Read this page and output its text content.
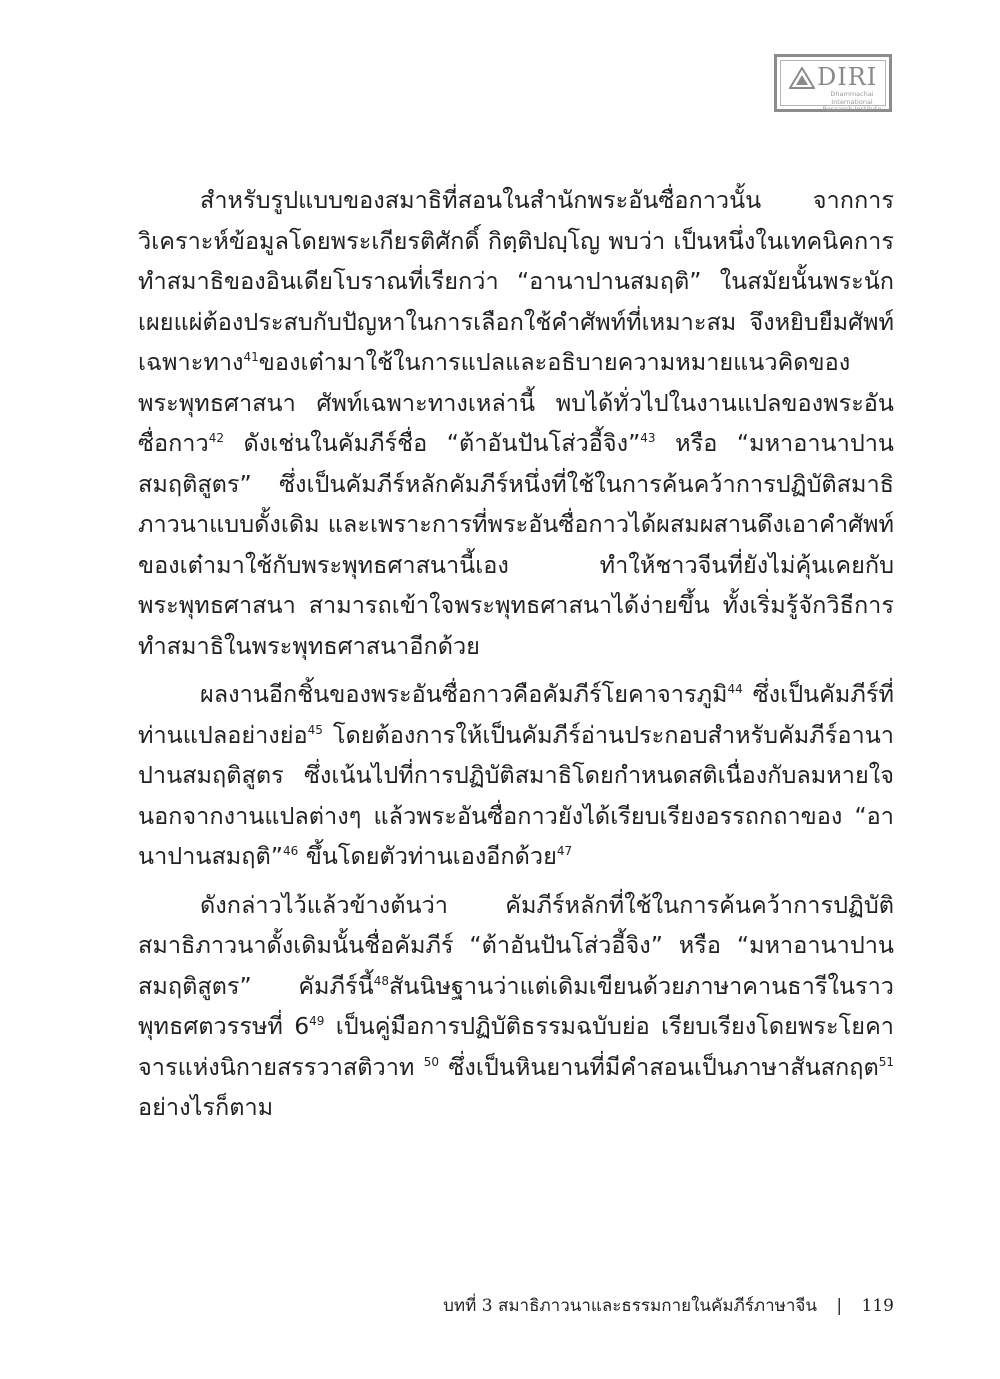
DIRI
Dhammachai International
Research Institute

สำหรับรูปแบบของสมาธิที่สอนในสำนักพระอันซื่อกาวนั้น จากการวิเคราะห์ข้อมูลโดยพระเกียรติศักดิ์ กิตฺติปญฺโญ พบว่า เป็นหนึ่งในเทคนิคการทำสมาธิของอินเดียโบราณที่เรียกว่า “อานาปานสมฤติ” ในสมัยนั้นพระนักเผยแผ่ต้องประสบกับปัญหาในการเลือกใช้คำศัพท์ที่เหมาะสม จึงหยิบยืมศัพท์เฉพาะทาง$^{41}$ของเต๋ามาใช้ในการแปลและอธิบายความหมายแนวคิดของพระพุทธศาสนา ศัพท์เฉพาะทางเหล่านี้ พบได้ทั่วไปในงานแปลของพระอันซื่อกาว$^{42}$ ดังเช่นในคัมภีร์ชื่อ “ต้าอันปันโส่วอี้จิง”$^{43}$ หรือ “มหาอานาปานสมฤติสูตร” ซึ่งเป็นคัมภีร์หลักคัมภีร์หนึ่งที่ใช้ในการค้นคว้าการปฏิบัติสมาธิภาวนาแบบดั้งเดิม และเพราะการที่พระอันซื่อกาวได้ผสมผสานดึงเอาคำศัพท์ของเต๋ามาใช้กับพระพุทธศาสนานี้เอง ทำให้ชาวจีนที่ยังไม่คุ้นเคยกับพระพุทธศาสนา สามารถเข้าใจพระพุทธศาสนาได้ง่ายขึ้น ทั้งเริ่มรู้จักวิธีการทำสมาธิในพระพุทธศาสนาอีกด้วย

ผลงานอีกชิ้นของพระอันซื่อกาวคือคัมภีร์โยคาจารภูมิ$^{44}$ ซึ่งเป็นคัมภีร์ที่ท่านแปลอย่างย่อ$^{45}$ โดยต้องการให้เป็นคัมภีร์อ่านประกอบสำหรับคัมภีร์อานาปานสมฤติสูตร ซึ่งเน้นไปที่การปฏิบัติสมาธิโดยกำหนดสติเนื่องกับลมหายใจ นอกจากงานแปลต่างๆ แล้วพระอันซื่อกาวยังได้เรียบเรียงอรรถกถาของ “อานาปานสมฤติ”$^{46}$ ขึ้นโดยตัวท่านเองอีกด้วย$^{47}$

ดังกล่าวไว้แล้วข้างต้นว่า คัมภีร์หลักที่ใช้ในการค้นคว้าการปฏิบัติสมาธิภาวนาดั้งเดิมนั้นชื่อคัมภีร์ “ต้าอันปันโส่วอี้จิง” หรือ “มหาอานาปานสมฤติสูตร” คัมภีร์นี้$^{48}$สันนิษฐานว่าแต่เดิมเขียนด้วยภาษาคานธารีในราวพุทธศตวรรษที่ $6^{49}$ เป็นคู่มือการปฏิบัติธรรมฉบับย่อ เรียบเรียงโดยพระโยคาจารแห่งนิกายสรรวาสติวาท $^{50}$ ซึ่งเป็นหินยานที่มีคำสอนเป็นภาษาสันสกฤต$^{51}$ อย่างไรก็ตาม

บทที่ 3 สมาธิภาวนาและธรรมกายในคัมภีร์ภาษาจีน | 119
